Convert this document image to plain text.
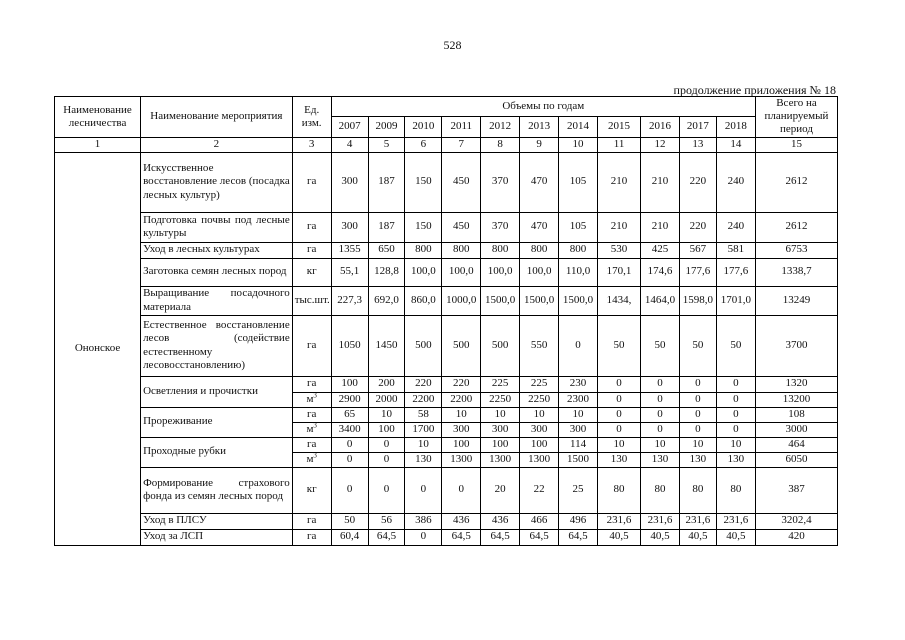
528
продолжение приложения № 18
Наименование лесничества	Наименование мероприятия	Ед. изм.	Объемы по годам											Всего на планируемый период
			2007	2009	2010	2011	2012	2013	2014	2015	2016	2017	2018	
1	2	3	4	5	6	7	8	9	10	11	12	13	14	15
Ононское	Искусственное восстановление лесов (посадка лесных культур)	га	300	187	150	450	370	470	105	210	210	220	240	2612
	Подготовка почвы под лесные культуры	га	300	187	150	450	370	470	105	210	210	220	240	2612
	Уход в лесных культурах	га	1355	650	800	800	800	800	800	530	425	567	581	6753
	Заготовка семян лесных пород	кг	55,1	128,8	100,0	100,0	100,0	100,0	110,0	170,1	174,6	177,6	177,6	1338,7
	Выращивание посадочного материала	тыс.шт.	227,3	692,0	860,0	1000,0	1500,0	1500,0	1500,0	1434,	1464,0	1598,0	1701,0	13249
	Естественное восстановление лесов (содействие естественному лесовосстановлению)	га	1050	1450	500	500	500	550	0	50	50	50	50	3700
	Осветления и прочистки	га	100	200	220	220	225	225	230	0	0	0	0	1320
		$м^3$	2900	2000	2200	2200	2250	2250	2300	0	0	0	0	13200
	Прореживание	га	65	10	58	10	10	10	10	0	0	0	0	108
		$м^3$	3400	100	1700	300	300	300	300	0	0	0	0	3000
	Проходные рубки	га	0	0	10	100	100	100	114	10	10	10	10	464
		$м^3$	0	0	130	1300	1300	1300	1500	130	130	130	130	6050
	Формирование страхового фонда из семян лесных пород	кг	0	0	0	0	20	22	25	80	80	80	80	387
	Уход в ПЛСУ	га	50	56	386	436	436	466	496	231,6	231,6	231,6	231,6	3202,4
	Уход за ЛСП	га	60,4	64,5	0	64,5	64,5	64,5	64,5	40,5	40,5	40,5	40,5	420
